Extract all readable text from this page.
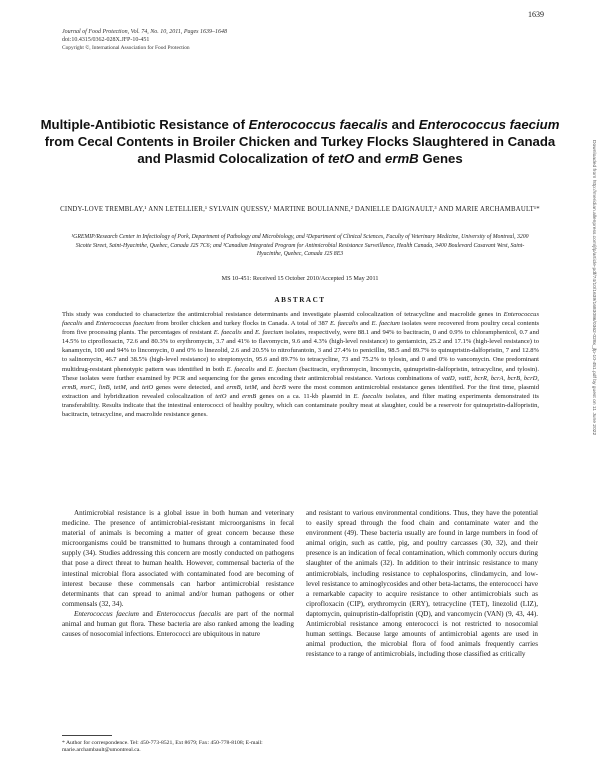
1639
Journal of Food Protection, Vol. 74, No. 10, 2011, Pages 1639–1648
doi:10.4315/0362-028X.JFP-10-451
Copyright ©, International Association for Food Protection
Multiple-Antibiotic Resistance of Enterococcus faecalis and Enterococcus faecium from Cecal Contents in Broiler Chicken and Turkey Flocks Slaughtered in Canada and Plasmid Colocalization of tetO and ermB Genes
CINDY-LOVE TREMBLAY,¹ ANN LETELLIER,¹ SYLVAIN QUESSY,¹ MARTINE BOULIANNE,² DANIELLE DAIGNAULT,³ AND MARIE ARCHAMBAULT¹*
¹GREMIP/Research Center in Infectiology of Pork, Department of Pathology and Microbiology, and ²Department of Clinical Sciences, Faculty of Veterinary Medicine, University of Montreal, 3200 Sicotte Street, Saint-Hyacinthe, Quebec, Canada J2S 7C6; and ³Canadian Integrated Program for Antimicrobial Resistance Surveillance, Health Canada, 3400 Boulevard Casavant West, Saint-Hyacinthe, Quebec, Canada J2S 8E3
MS 10-451: Received 15 October 2010/Accepted 15 May 2011
ABSTRACT
This study was conducted to characterize the antimicrobial resistance determinants and investigate plasmid colocalization of tetracycline and macrolide genes in Enterococcus faecalis and Enterococcus faecium from broiler chicken and turkey flocks in Canada. A total of 387 E. faecalis and E. faecium isolates were recovered from poultry cecal contents from five processing plants. The percentages of resistant E. faecalis and E. faecium isolates, respectively, were 88.1 and 94% to bacitracin, 0 and 0.9% to chloramphenicol, 0.7 and 14.5% to ciprofloxacin, 72.6 and 80.3% to erythromycin, 3.7 and 41% to flavomycin, 9.6 and 4.3% (high-level resistance) to gentamicin, 25.2 and 17.1% (high-level resistance) to kanamycin, 100 and 94% to lincomycin, 0 and 0% to linezolid, 2.6 and 20.5% to nitrofurantoin, 3 and 27.4% to penicillin, 98.5 and 89.7% to quinupristin-dalfopristin, 7 and 12.8% to salinomycin, 46.7 and 38.5% (high-level resistance) to streptomycin, 95.6 and 89.7% to tetracycline, 73 and 75.2% to tylosin, and 0 and 0% to vancomycin. One predominant multidrug-resistant phenotypic pattern was identified in both E. faecalis and E. faecium (bacitracin, erythromycin, lincomycin, quinupristin-dalfopristin, tetracycline, and tylosin). These isolates were further examined by PCR and sequencing for the genes encoding their antimicrobial resistance. Various combinations of vatD, vatE, bcrR, bcrA, bcrB, bcrD, ermB, msrC, linB, tetM, and tetO genes were detected, and ermB, tetM, and bcrB were the most common antimicrobial resistance genes identified. For the first time, plasmid extraction and hybridization revealed colocalization of tetO and ermB genes on a ca. 11-kb plasmid in E. faecalis isolates, and filter mating experiments demonstrated its transferability. Results indicate that the intestinal enterococci of healthy poultry, which can contaminate poultry meat at slaughter, could be a reservoir for quinupristin-dalfopristin, bacitracin, tetracycline, and macrolide resistance genes.

Antimicrobial resistance is a global issue in both human and veterinary medicine. The presence of antimicrobial-resistant microorganisms in fecal material of animals is becoming a matter of great concern because these microorganisms could be transmitted to humans through a contaminated food supply (34). Studies addressing this concern are mostly conducted on pathogens that pose a direct threat to human health. However, commensal bacteria of the intestinal microbial flora associated with contaminated food are becoming of interest because these commensals can harbor antimicrobial resistance determinants that can spread to animal and/or human pathogens or other commensals (32, 34).

Enterococcus faecium and Enterococcus faecalis are part of the normal animal and human gut flora. These bacteria are also ranked among the leading causes of nosocomial infections. Enterococci are ubiquitous in nature

and resistant to various environmental conditions. Thus, they have the potential to easily spread through the food chain and contaminate water and the environment (49). These bacteria usually are found in large numbers in food of animal origin, such as cattle, pig, and poultry carcasses (30, 32), and their presence is an indication of fecal contamination, which commonly occurs during slaughter of the animals (32). In addition to their intrinsic resistance to many antimicrobials, including resistance to cephalosporins, clindamycin, and low-level resistance to aminoglycosides and other beta-lactams, the enterococci have a remarkable capacity to acquire resistance to other antimicrobials such as ciprofloxacin (CIP), erythromycin (ERY), tetracycline (TET), linezolid (LIZ), daptomycin, quinupristin-dalfopristin (QD), and vancomycin (VAN) (9, 43, 44). Antimicrobial resistance among enterococci is not restricted to nosocomial human settings. Because large amounts of antimicrobial agents are used in animal production, the microbial flora of food animals frequently carries resistance to a range of antimicrobials, including those classified as critically

* Author for correspondence. Tel: 450-773-8521, Ext 8679; Fax: 450-778-8108; E-mail: marie.archambault@umontreal.ca.
Downloaded from http://meridian.allenpress.com/jfp/article-pdf/74/10/1639/1683086/0362-028x_jfp-10-451.pdf by guest on 11 June 2022
